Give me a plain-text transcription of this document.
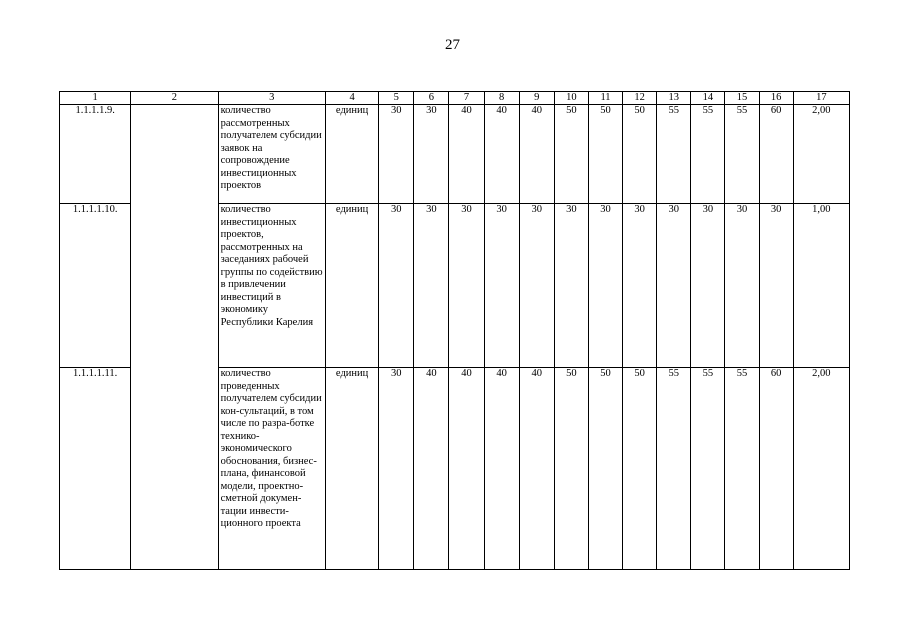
27
1	2	3	4	5	6	7	8	9	10	11	12	13	14	15	16	17
1.1.1.1.9.		количество рассмотренных получателем субсидии заявок на сопровождение инвестиционных проектов	единиц	30	30	40	40	40	50	50	50	55	55	55	60	2,00
1.1.1.1.10.		количество инвестиционных проектов, рассмотренных на заседаниях рабочей группы по содействию в привлечении инвестиций в экономику Республики Карелия	единиц	30	30	30	30	30	30	30	30	30	30	30	30	1,00
1.1.1.1.11.		количество проведенных получателем субсидии кон-сультаций, в том числе по разра-ботке технико-экономического обоснования, бизнес-плана, финансовой модели, проектно-сметной докумен-тации инвести-ционного проекта	единиц	30	40	40	40	40	50	50	50	55	55	55	60	2,00
